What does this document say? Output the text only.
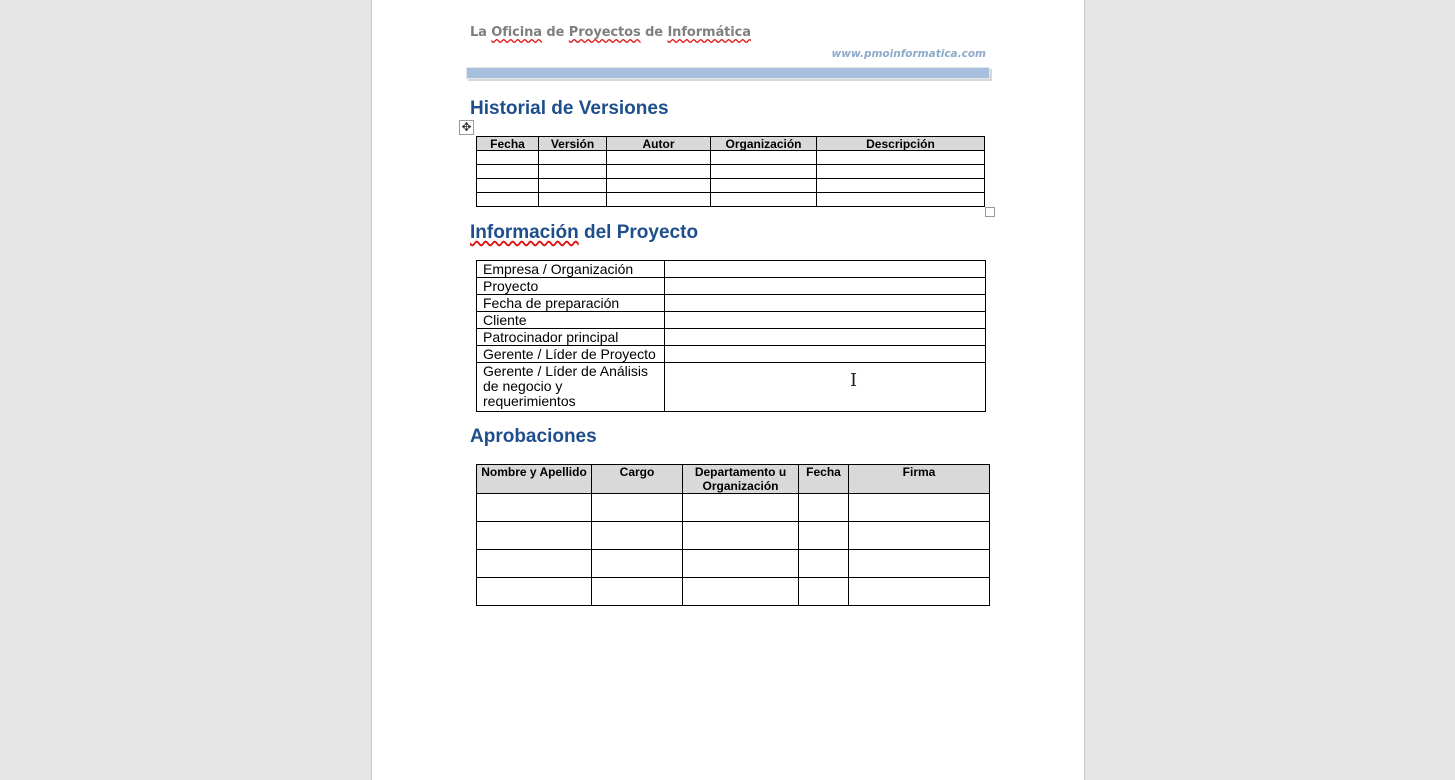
La Oficina de Proyectos de Informática
www.pmoinformatica.com
Historial de Versiones
✥
Fecha	Versión	Autor	Organización	Descripción

Información del Proyecto
Empresa / Organización	
Proyecto	
Fecha de preparación	
Cliente	
Patrocinador principal	
Gerente / Líder de Proyecto	
Gerente / Líder de Análisis de negocio y requerimientos	
I
Aprobaciones
Nombre y Apellido	Cargo	Departamento u Organización	Fecha	Firma
